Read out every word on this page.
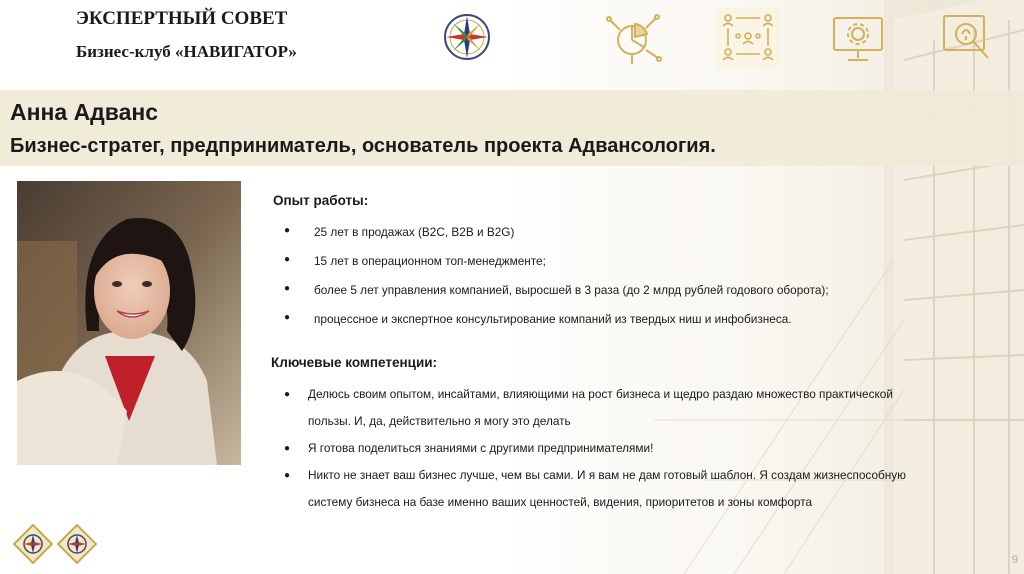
ЭКСПЕРТНЫЙ СОВЕТ
Бизнес-клуб «НАВИГАТОР»
Анна Адванс
Бизнес-стратег, предприниматель, основатель проекта Адвансология.
Опыт работы:
● 25 лет в продажах (B2C, B2B и B2G)
● 15 лет в операционном топ-менеджменте;
● более 5 лет управления компанией, выросшей в 3 раза (до 2 млрд рублей годового оборота);
● процессное и экспертное консультирование компаний из твердых ниш и инфобизнеса.
Ключевые компетенции:
● Делюсь своим опытом, инсайтами, влияющими на рост бизнеса и щедро раздаю множество практической пользы. И, да, действительно я могу это делать
● Я готова поделиться знаниями с другими предпринимателями!
● Никто не знает ваш бизнес лучше, чем вы сами. И я вам не дам готовый шаблон. Я создам жизнеспособную систему бизнеса на базе именно ваших ценностей, видения, приоритетов и зоны комфорта
9
